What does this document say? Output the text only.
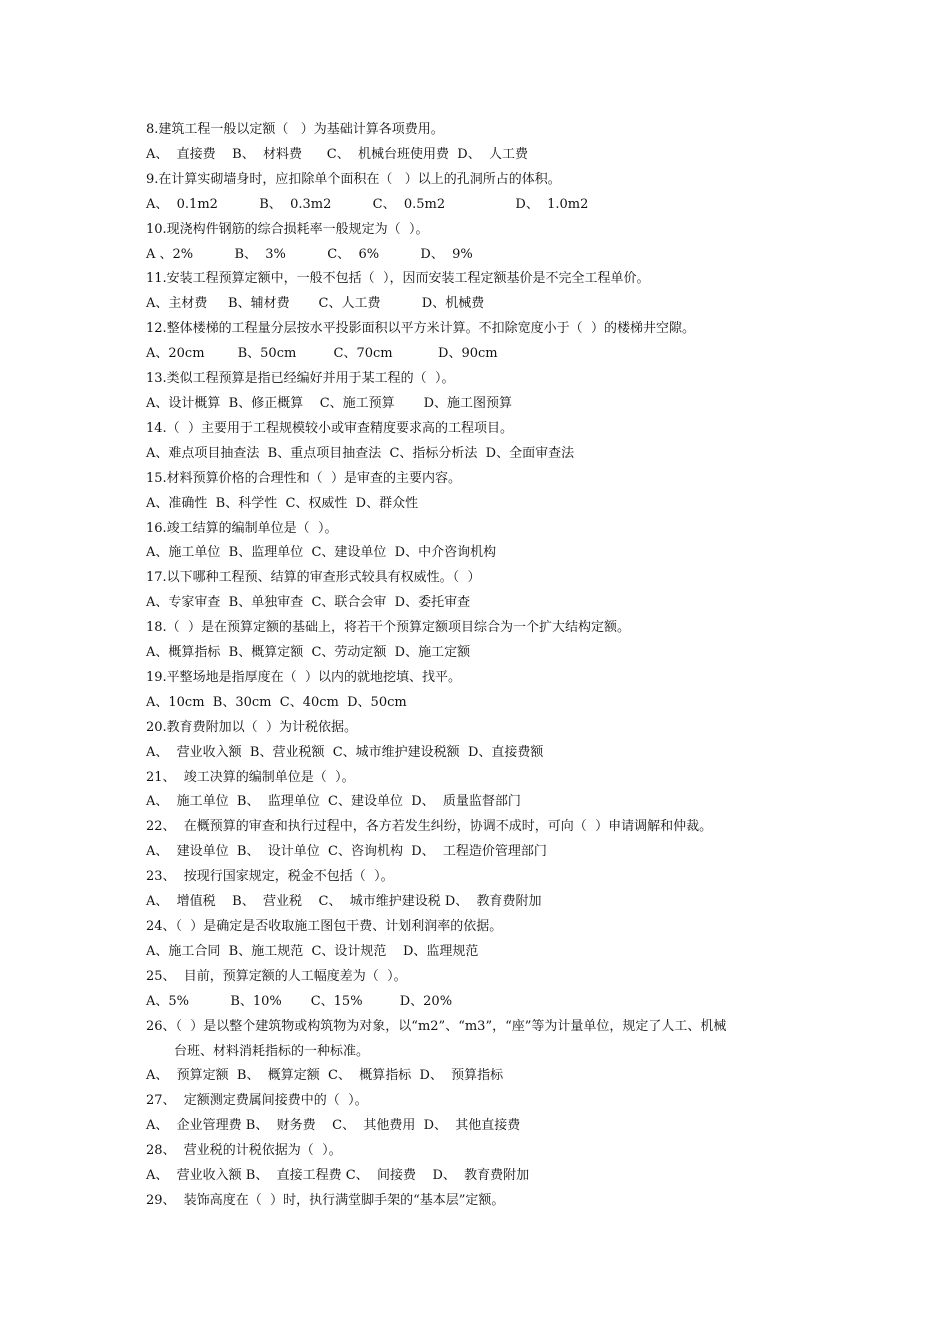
8.建筑工程一般以定额（   ）为基础计算各项费用。
A、  直接费    B、  材料费      C、  机械台班使用费  D、  人工费
9.在计算实砌墙身时，应扣除单个面积在（   ）以上的孔洞所占的体积。
A、  0.1m2          B、  0.3m2          C、  0.5m2                 D、  1.0m2
10.现浇构件钢筋的综合损耗率一般规定为（  ）。
A 、2%          B、  3%          C、  6%          D、  9%
11.安装工程预算定额中，一般不包括（  ），因而安装工程定额基价是不完全工程单价。
A、主材费     B、辅材费       C、人工费          D、机械费
12.整体楼梯的工程量分层按水平投影面积以平方米计算。不扣除宽度小于（  ）的楼梯井空隙。
A、20cm        B、50cm         C、70cm           D、90cm
13.类似工程预算是指已经编好并用于某工程的（  ）。
A、设计概算  B、修正概算    C、施工预算       D、施工图预算
14.（  ）主要用于工程规模较小或审查精度要求高的工程项目。
A、难点项目抽查法  B、重点项目抽查法  C、指标分析法  D、全面审查法
15.材料预算价格的合理性和（  ）是审查的主要内容。
A、准确性  B、科学性  C、权威性  D、群众性
16.竣工结算的编制单位是（  ）。
A、施工单位  B、监理单位  C、建设单位  D、中介咨询机构
17.以下哪种工程预、结算的审查形式较具有权威性。（  ）
A、专家审查  B、单独审查  C、联合会审  D、委托审查
18.（  ）是在预算定额的基础上，将若干个预算定额项目综合为一个扩大结构定额。
A、概算指标  B、概算定额  C、劳动定额  D、施工定额
19.平整场地是指厚度在（  ）以内的就地挖填、找平。
A、10cm  B、30cm  C、40cm  D、50cm
20.教育费附加以（  ）为计税依据。
A、  营业收入额  B、营业税额  C、城市维护建设税额  D、直接费额
21、  竣工决算的编制单位是（  ）。
A、  施工单位  B、  监理单位  C、建设单位  D、  质量监督部门
22、  在概预算的审查和执行过程中，各方若发生纠纷，协调不成时，可向（  ）申请调解和仲裁。
A、  建设单位  B、  设计单位  C、咨询机构  D、  工程造价管理部门
23、  按现行国家规定，税金不包括（  ）。
A、  增值税    B、  营业税    C、  城市维护建设税 D、  教育费附加
24、（  ）是确定是否收取施工图包干费、计划利润率的依据。
A、施工合同  B、施工规范  C、设计规范    D、监理规范
25、  目前，预算定额的人工幅度差为（  ）。
A、5%          B、10%       C、15%         D、20%
26、（  ）是以整个建筑物或构筑物为对象，以“m2”、“m3”，“座”等为计量单位，规定了人工、机械
台班、材料消耗指标的一种标准。
A、  预算定额  B、  概算定额  C、  概算指标  D、  预算指标
27、  定额测定费属间接费中的（  ）。
A、  企业管理费 B、  财务费    C、  其他费用  D、  其他直接费
28、  营业税的计税依据为（  ）。
A、  营业收入额 B、  直接工程费 C、  间接费    D、  教育费附加
29、  装饰高度在（  ）时，执行满堂脚手架的“基本层”定额。
